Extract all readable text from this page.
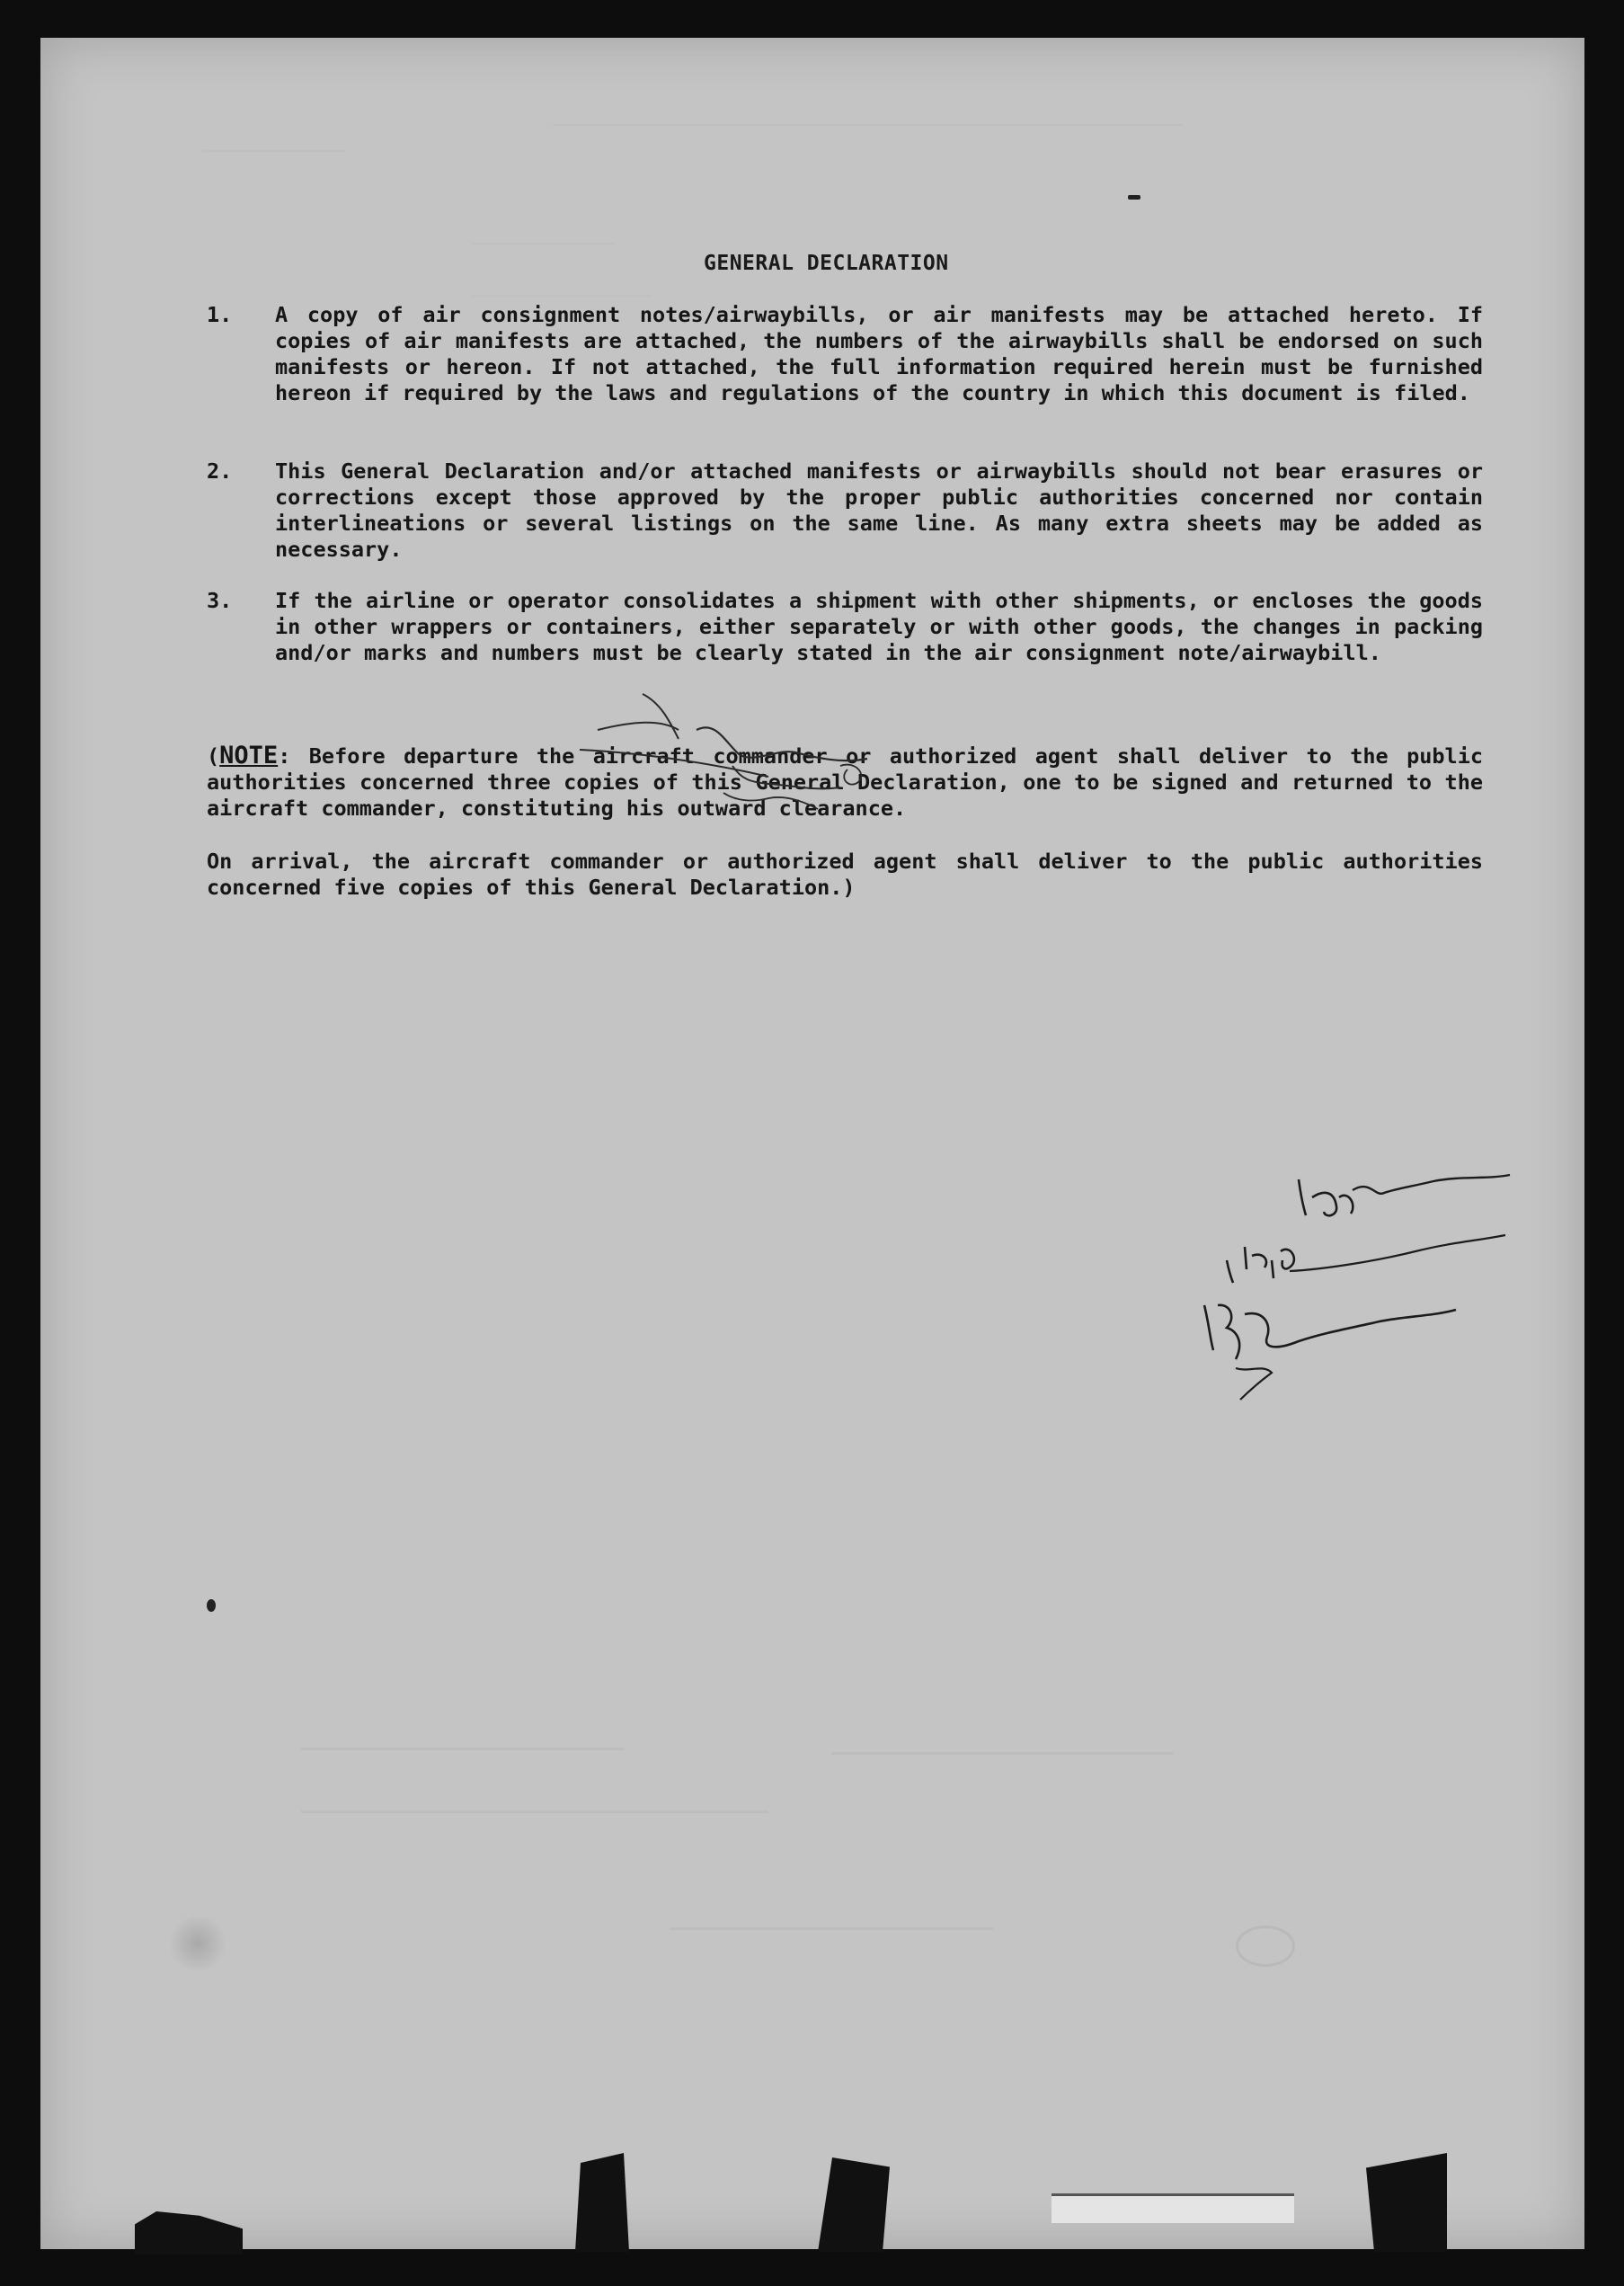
GENERAL DECLARATION
1.	A copy of air consignment notes/airwaybills, or air manifests may be attached hereto. If copies of air manifests are attached, the numbers of the airwaybills shall be endorsed on such manifests or hereon. If not attached, the full information required herein must be furnished hereon if required by the laws and regulations of the country in which this document is filed.
2.	This General Declaration and/or attached manifests or airwaybills should not bear erasures or corrections except those approved by the proper public authorities concerned nor contain interlineations or several listings on the same line. As many extra sheets may be added as necessary.
3.	If the airline or operator consolidates a shipment with other shipments, or encloses the goods in other wrappers or containers, either separately or with other goods, the changes in packing and/or marks and numbers must be clearly stated in the air consignment note/airwaybill.
(NOTE: Before departure the aircraft commander or authorized agent shall deliver to the public authorities concerned three copies of this General Declaration, one to be signed and returned to the aircraft commander, constituting his outward clearance.
On arrival, the aircraft commander or authorized agent shall deliver to the public authorities concerned five copies of this General Declaration.)
